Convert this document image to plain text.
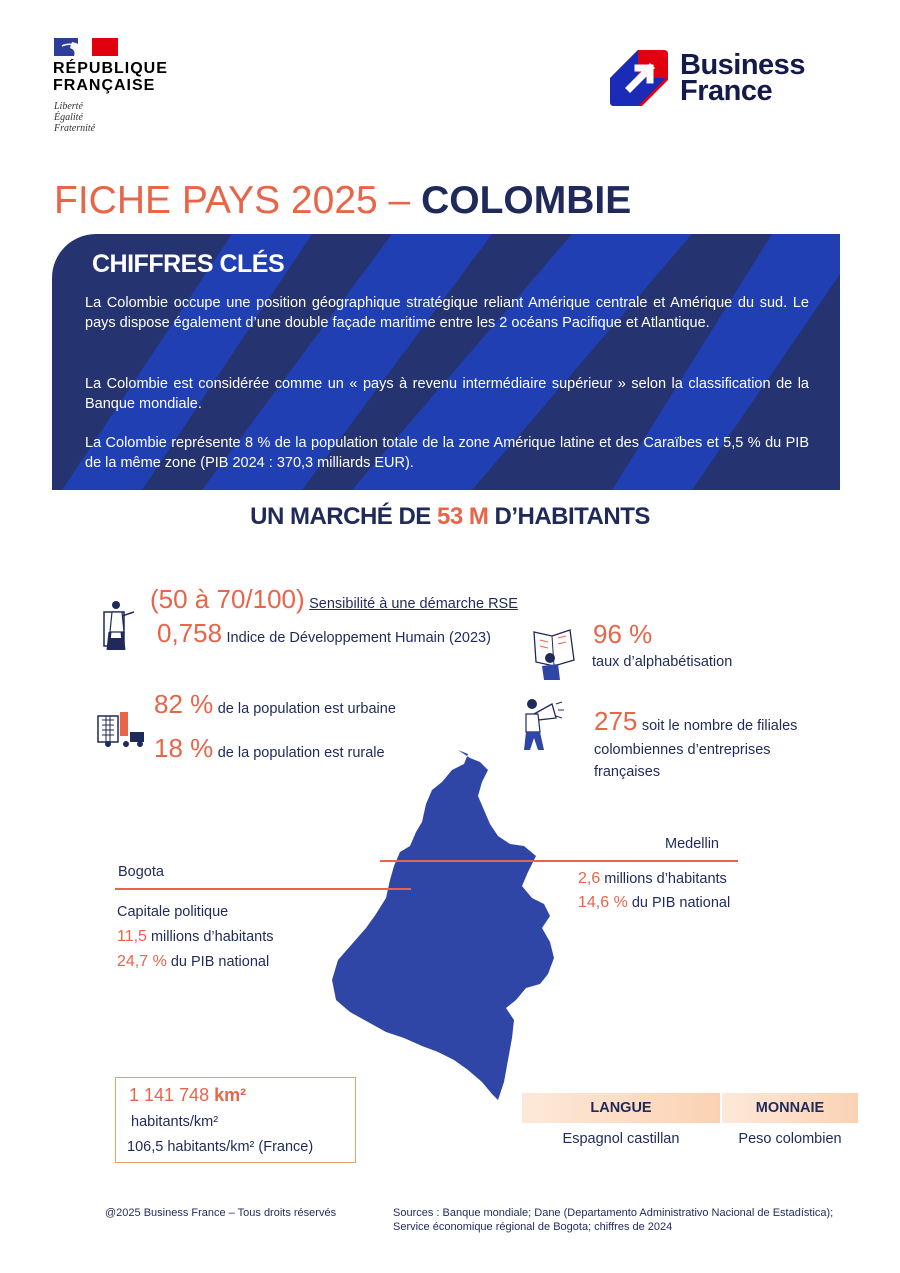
RÉPUBLIQUE
FRANÇAISE
Liberté
Égalité
Fraternité
Business
France
FICHE PAYS 2025 – COLOMBIE
CHIFFRES CLÉS
La Colombie occupe une position géographique stratégique reliant Amérique centrale et Amérique du sud. Le pays dispose également d’une double façade maritime entre les 2 océans Pacifique et Atlantique.
La Colombie est considérée comme un « pays à revenu intermédiaire supérieur » selon la classification de la Banque mondiale.
La Colombie représente 8 % de la population totale de la zone Amérique latine et des Caraïbes et 5,5 % du PIB de la même zone (PIB 2024 : 370,3 milliards EUR).
UN MARCHÉ DE 53 M D’HABITANTS
(50 à 70/100) Sensibilité à une démarche RSE
0,758 Indice de Développement Humain (2023)	96 %
taux d’alphabétisation
82 % de la population est urbaine
18 % de la population est rurale
275 soit le nombre de filiales
colombiennes d’entreprises
françaises
Medellin
2,6 millions d’habitants
14,6 % du PIB national
Bogota
Capitale politique
11,5 millions d’habitants
24,7 % du PIB national
1 141 748 km²
habitants/km²
106,5 habitants/km² (France)
LANGUE	MONNAIE
Espagnol castillan	Peso colombien
@2025 Business France – Tous droits réservés	Sources : Banque mondiale; Dane (Departamento Administrativo Nacional de Estadística);
Service économique régional de Bogota; chiffres de 2024
